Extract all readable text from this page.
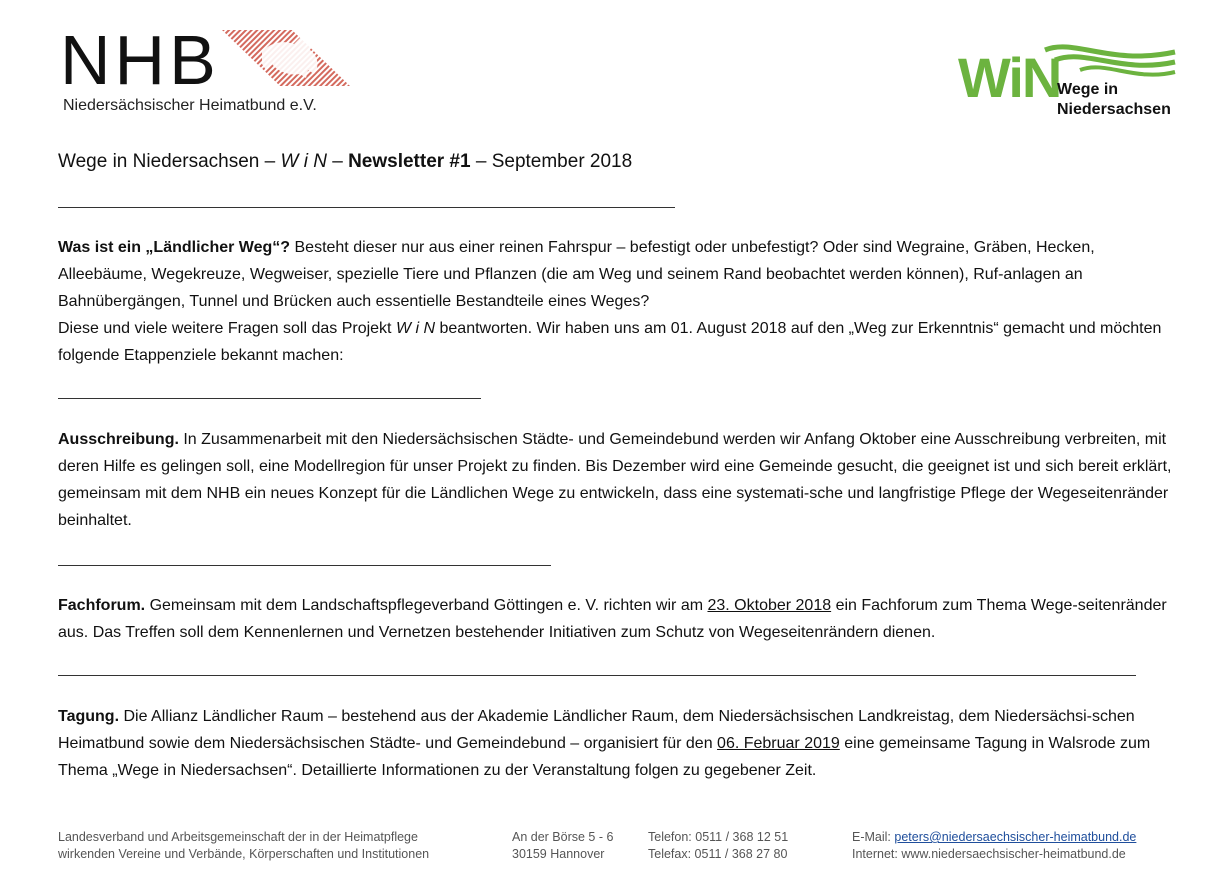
NHB
Niedersächsischer Heimatbund e.V.	WiN
Wege in
Niedersachsen
Wege in Niedersachsen – W i N – Newsletter #1 – September 2018
Was ist ein „Ländlicher Weg“? Besteht dieser nur aus einer reinen Fahrspur – befestigt oder unbefestigt? Oder sind Wegraine, Gräben, Hecken, Alleebäume, Wegekreuze, Wegweiser, spezielle Tiere und Pflanzen (die am Weg und seinem Rand beobachtet werden können), Ruf-anlagen an Bahnübergängen, Tunnel und Brücken auch essentielle Bestandteile eines Weges?
Diese und viele weitere Fragen soll das Projekt W i N beantworten. Wir haben uns am 01. August 2018 auf den „Weg zur Erkenntnis“ gemacht und möchten folgende Etappenziele bekannt machen:
Ausschreibung. In Zusammenarbeit mit den Niedersächsischen Städte- und Gemeindebund werden wir Anfang Oktober eine Ausschreibung verbreiten, mit deren Hilfe es gelingen soll, eine Modellregion für unser Projekt zu finden. Bis Dezember wird eine Gemeinde gesucht, die geeignet ist und sich bereit erklärt, gemeinsam mit dem NHB ein neues Konzept für die Ländlichen Wege zu entwickeln, dass eine systemati-sche und langfristige Pflege der Wegeseitenränder beinhaltet.
Fachforum. Gemeinsam mit dem Landschaftspflegeverband Göttingen e. V. richten wir am 23. Oktober 2018 ein Fachforum zum Thema Wege-seitenränder aus. Das Treffen soll dem Kennenlernen und Vernetzen bestehender Initiativen zum Schutz von Wegeseitenrändern dienen.
Tagung. Die Allianz Ländlicher Raum – bestehend aus der Akademie Ländlicher Raum, dem Niedersächsischen Landkreistag, dem Niedersächsi-schen Heimatbund sowie dem Niedersächsischen Städte- und Gemeindebund – organisiert für den 06. Februar 2019 eine gemeinsame Tagung in Walsrode zum Thema „Wege in Niedersachsen“. Detaillierte Informationen zu der Veranstaltung folgen zu gegebener Zeit.
Landesverband und Arbeitsgemeinschaft der in der Heimatpflege
wirkenden Vereine und Verbände, Körperschaften und Institutionen
An der Börse 5 - 6
30159 Hannover
Telefon: 0511 / 368 12 51
Telefax: 0511 / 368 27 80
E-Mail: peters@niedersaechsischer-heimatbund.de
Internet: www.niedersaechsischer-heimatbund.de
